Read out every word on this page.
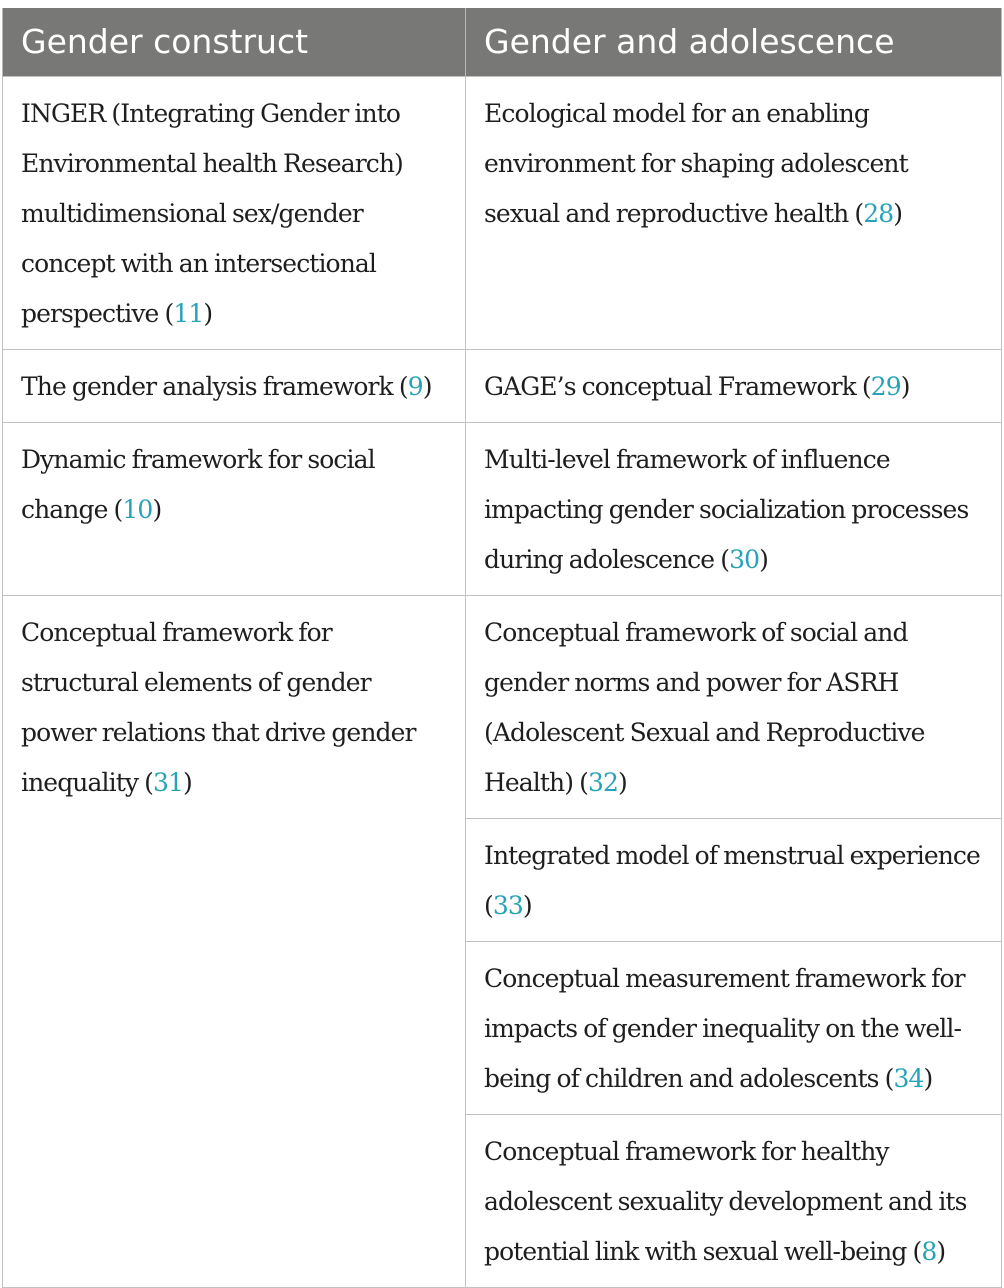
Gender construct	Gender and adolescence
INGER (Integrating Gender into Environmental health Research) multidimensional sex/gender concept with an intersectional perspective (11)	Ecological model for an enabling environment for shaping adolescent sexual and reproductive health (28)
The gender analysis framework (9)	GAGE’s conceptual Framework (29)
Dynamic framework for social change (10)	Multi-level framework of influence impacting gender socialization processes during adolescence (30)
Conceptual framework for structural elements of gender power relations that drive gender inequality (31)	Conceptual framework of social and gender norms and power for ASRH (Adolescent Sexual and Reproductive Health) (32)
	Integrated model of menstrual experience (33)
	Conceptual measurement framework for impacts of gender inequality on the well-being of children and adolescents (34)
	Conceptual framework for healthy adolescent sexuality development and its potential link with sexual well-being (8)
